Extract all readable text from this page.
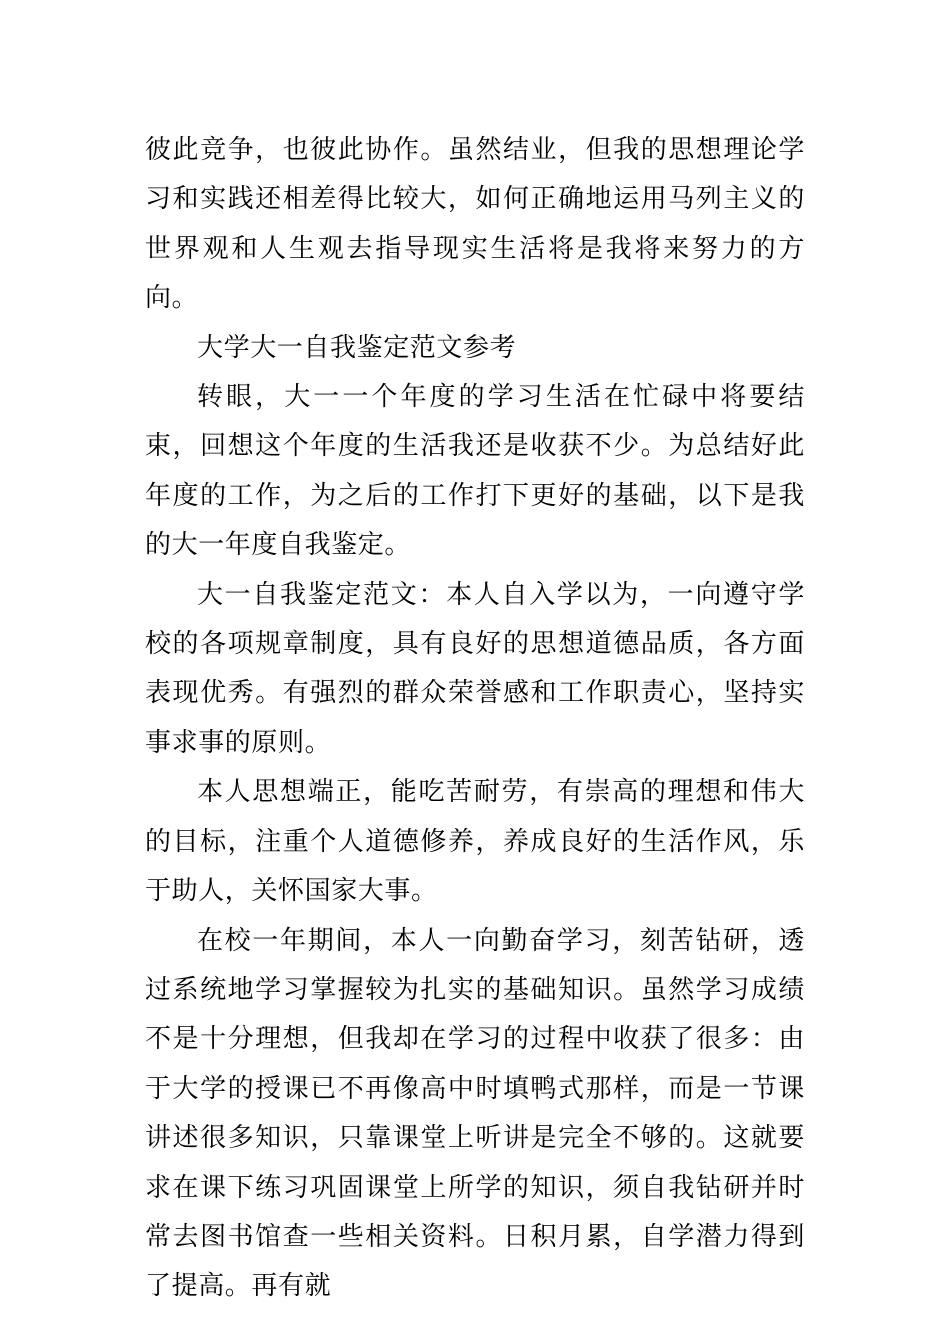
彼此竞争，也彼此协作。虽然结业，但我的思想理论学习和实践还相差得比较大，如何正确地运用马列主义的世界观和人生观去指导现实生活将是我将来努力的方向。

大学大一自我鉴定范文参考

转眼，大一一个年度的学习生活在忙碌中将要结束，回想这个年度的生活我还是收获不少。为总结好此年度的工作，为之后的工作打下更好的基础，以下是我的大一年度自我鉴定。

大一自我鉴定范文：本人自入学以为，一向遵守学校的各项规章制度，具有良好的思想道德品质，各方面表现优秀。有强烈的群众荣誉感和工作职责心，坚持实事求事的原则。

本人思想端正，能吃苦耐劳，有崇高的理想和伟大的目标，注重个人道德修养，养成良好的生活作风，乐于助人，关怀国家大事。

在校一年期间，本人一向勤奋学习，刻苦钻研，透过系统地学习掌握较为扎实的基础知识。虽然学习成绩不是十分理想，但我却在学习的过程中收获了很多：由于大学的授课已不再像高中时填鸭式那样，而是一节课讲述很多知识，只靠课堂上听讲是完全不够的。这就要求在课下练习巩固课堂上所学的知识，须自我钻研并时常去图书馆查一些相关资料。日积月累，自学潜力得到了提高。再有就
